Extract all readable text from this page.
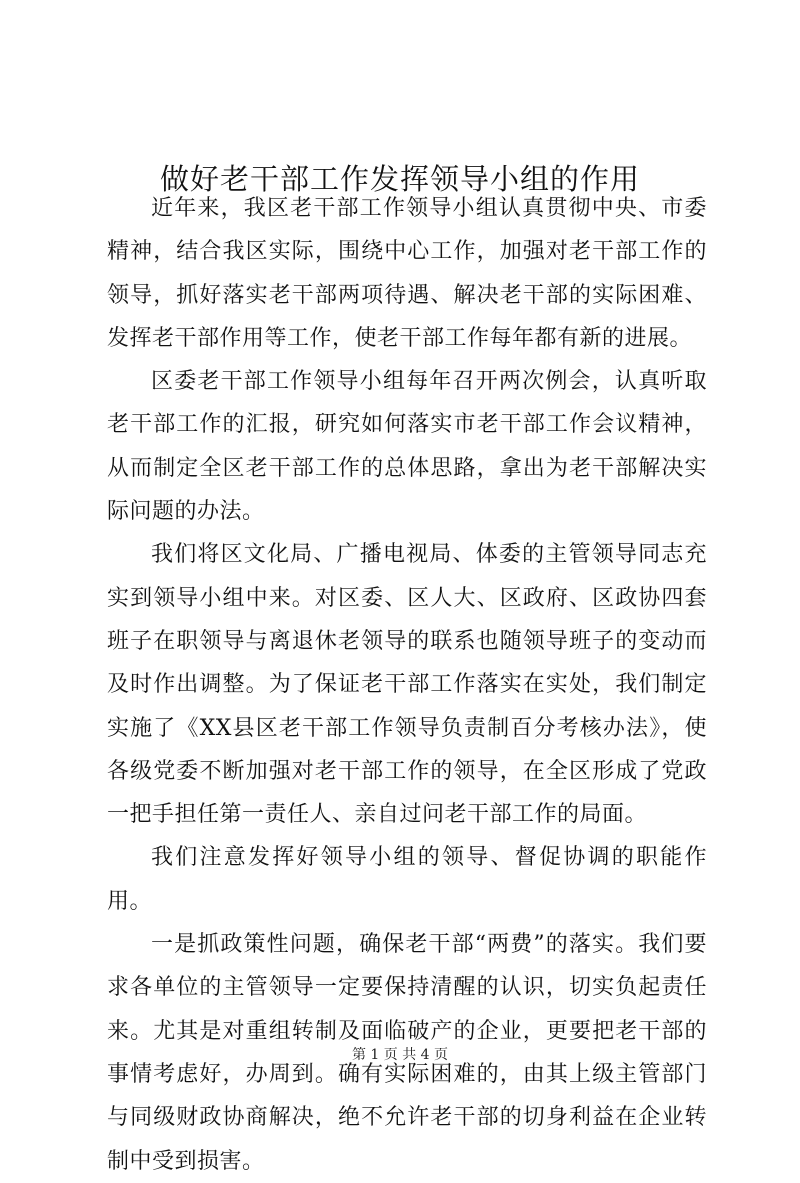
做好老干部工作发挥领导小组的作用

近年来，我区老干部工作领导小组认真贯彻中央、市委精神，结合我区实际，围绕中心工作，加强对老干部工作的领导，抓好落实老干部两项待遇、解决老干部的实际困难、发挥老干部作用等工作，使老干部工作每年都有新的进展。

区委老干部工作领导小组每年召开两次例会，认真听取老干部工作的汇报，研究如何落实市老干部工作会议精神，从而制定全区老干部工作的总体思路，拿出为老干部解决实际问题的办法。

我们将区文化局、广播电视局、体委的主管领导同志充实到领导小组中来。对区委、区人大、区政府、区政协四套班子在职领导与离退休老领导的联系也随领导班子的变动而及时作出调整。为了保证老干部工作落实在实处，我们制定实施了《XX县区老干部工作领导负责制百分考核办法》，使各级党委不断加强对老干部工作的领导，在全区形成了党政一把手担任第一责任人、亲自过问老干部工作的局面。

我们注意发挥好领导小组的领导、督促协调的职能作用。

一是抓政策性问题，确保老干部“两费”的落实。我们要求各单位的主管领导一定要保持清醒的认识，切实负起责任来。尤其是对重组转制及面临破产的企业，更要把老干部的事情考虑好，办周到。确有实际困难的，由其上级主管部门与同级财政协商解决，绝不允许老干部的切身利益在企业转制中受到损害。

第 1 页 共 4 页
